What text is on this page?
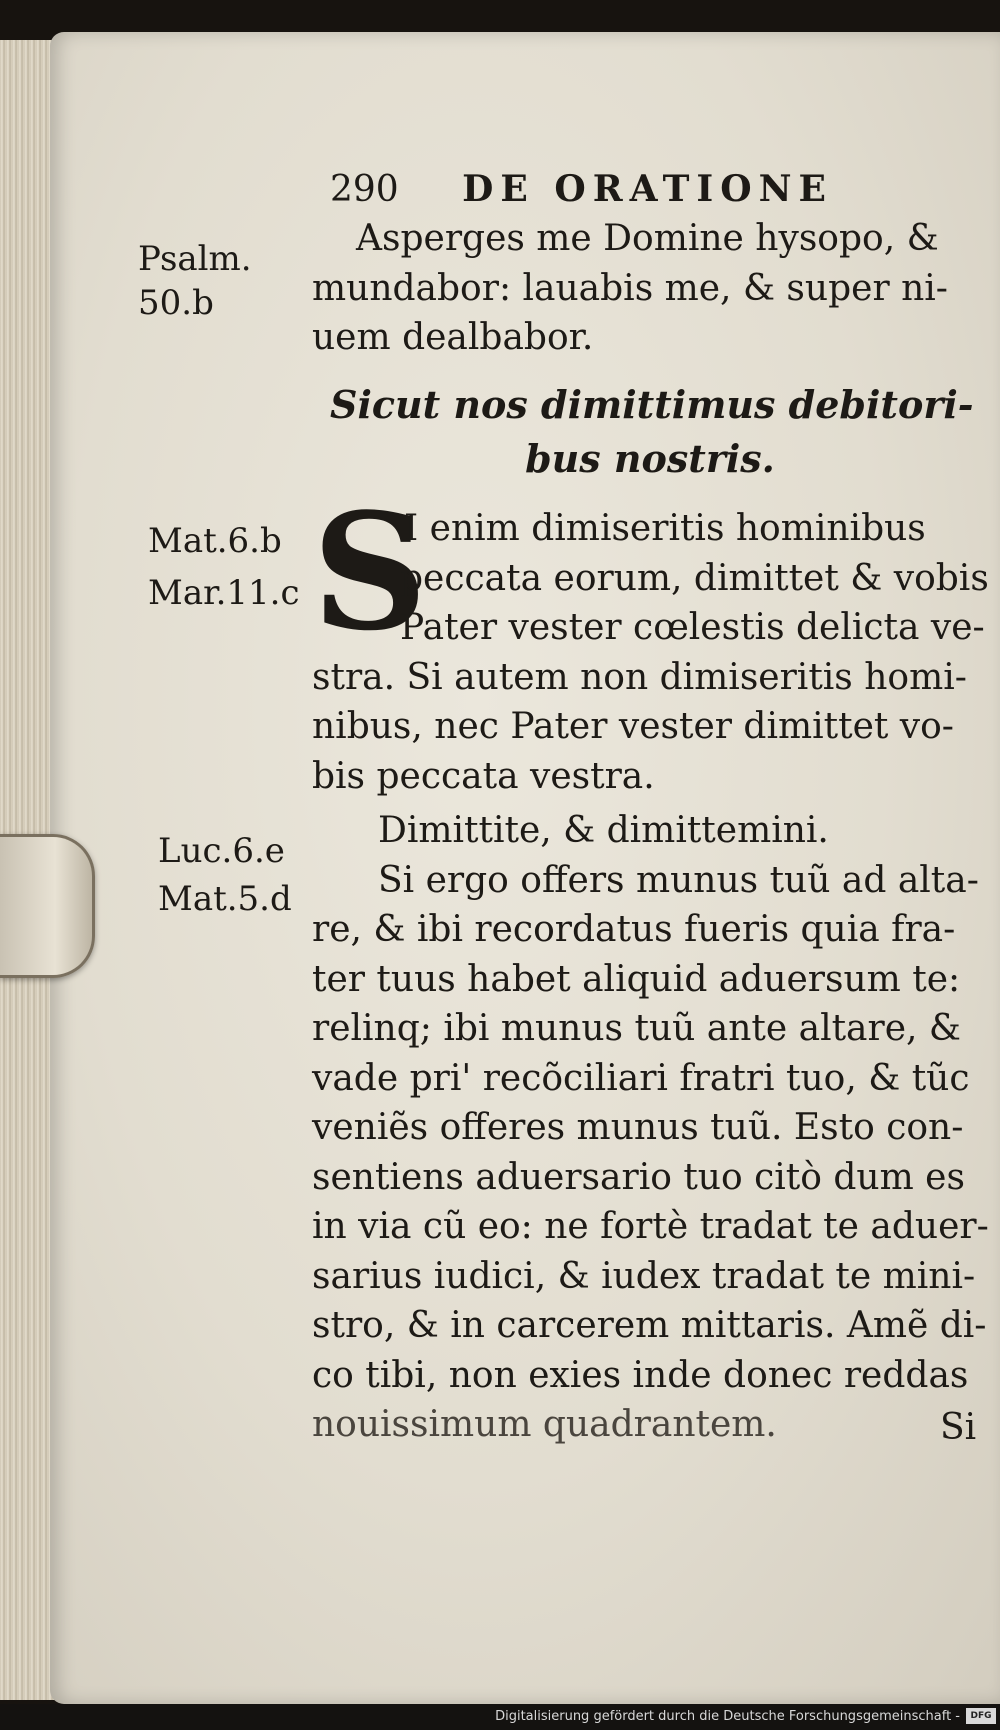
290 DE ORATIONE
Psalm.
50.b
Mat.6.b
Mar.11.c
Luc.6.e
Mat.5.d
Asperges me Domine hysopo, &
mundabor: lauabis me, & super ni-
uem dealbabor.
Sicut nos dimittimus debitori-
bus nostris.
S
I enim dimiseritis hominibus
peccata eorum, dimittet & vobis
Pater vester cœlestis delicta ve-
stra. Si autem non dimiseritis homi-
nibus, nec Pater vester dimittet vo-
bis peccata vestra.
Dimittite, & dimittemini.
Si ergo offers munus tuũ ad alta-
re, & ibi recordatus fueris quia fra-
ter tuus habet aliquid aduersum te:
relinq; ibi munus tuũ ante altare, &
vade pri' recõciliari fratri tuo, & tũc
veniẽs offeres munus tuũ. Esto con-
sentiens aduersario tuo citò dum es
in via cũ eo: ne fortè tradat te aduer-
sarius iudici, & iudex tradat te mini-
stro, & in carcerem mittaris. Amẽ di-
co tibi, non exies inde donec reddas
nouissimum quadrantem.	Si
Digitalisierung gefördert durch die Deutsche Forschungsgemeinschaft -	DFG
